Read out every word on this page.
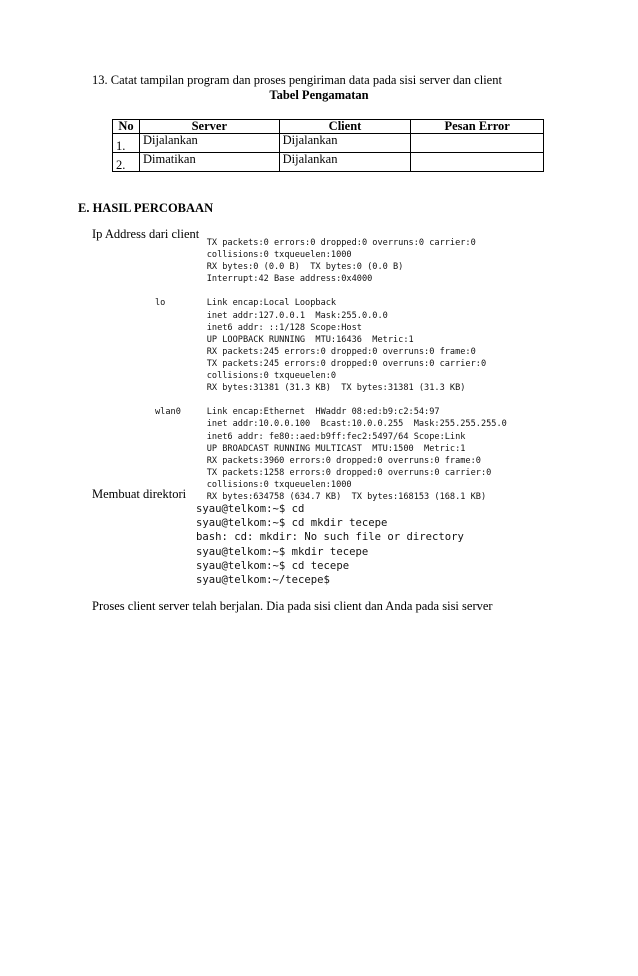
13. Catat tampilan program dan proses pengiriman data pada sisi server dan client
Tabel Pengamatan
No	Server	Client	Pesan Error

1.	Dijalankan	Dijalankan	

2.	Dimatikan	Dijalankan	
E. HASIL PERCOBAAN
Ip Address dari client
TX packets:0 errors:0 dropped:0 overruns:0 carrier:0
collisions:0 txqueuelen:1000
RX bytes:0 (0.0 B)  TX bytes:0 (0.0 B)
Interrupt:42 Base address:0x4000

lo        Link encap:Local Loopback
inet addr:127.0.0.1  Mask:255.0.0.0
inet6 addr: ::1/128 Scope:Host
UP LOOPBACK RUNNING  MTU:16436  Metric:1
RX packets:245 errors:0 dropped:0 overruns:0 frame:0
TX packets:245 errors:0 dropped:0 overruns:0 carrier:0
collisions:0 txqueuelen:0
RX bytes:31381 (31.3 KB)  TX bytes:31381 (31.3 KB)

wlan0     Link encap:Ethernet  HWaddr 08:ed:b9:c2:54:97
inet addr:10.0.0.100  Bcast:10.0.0.255  Mask:255.255.255.0
inet6 addr: fe80::aed:b9ff:fec2:5497/64 Scope:Link
UP BROADCAST RUNNING MULTICAST  MTU:1500  Metric:1
RX packets:3960 errors:0 dropped:0 overruns:0 frame:0
TX packets:1258 errors:0 dropped:0 overruns:0 carrier:0
collisions:0 txqueuelen:1000
RX bytes:634758 (634.7 KB)  TX bytes:168153 (168.1 KB)
Membuat direktori
syau@telkom:~$ cd
syau@telkom:~$ cd mkdir tecepe
bash: cd: mkdir: No such file or directory
syau@telkom:~$ mkdir tecepe
syau@telkom:~$ cd tecepe
syau@telkom:~/tecepe$
Proses client server telah berjalan. Dia pada sisi client dan Anda pada sisi server
